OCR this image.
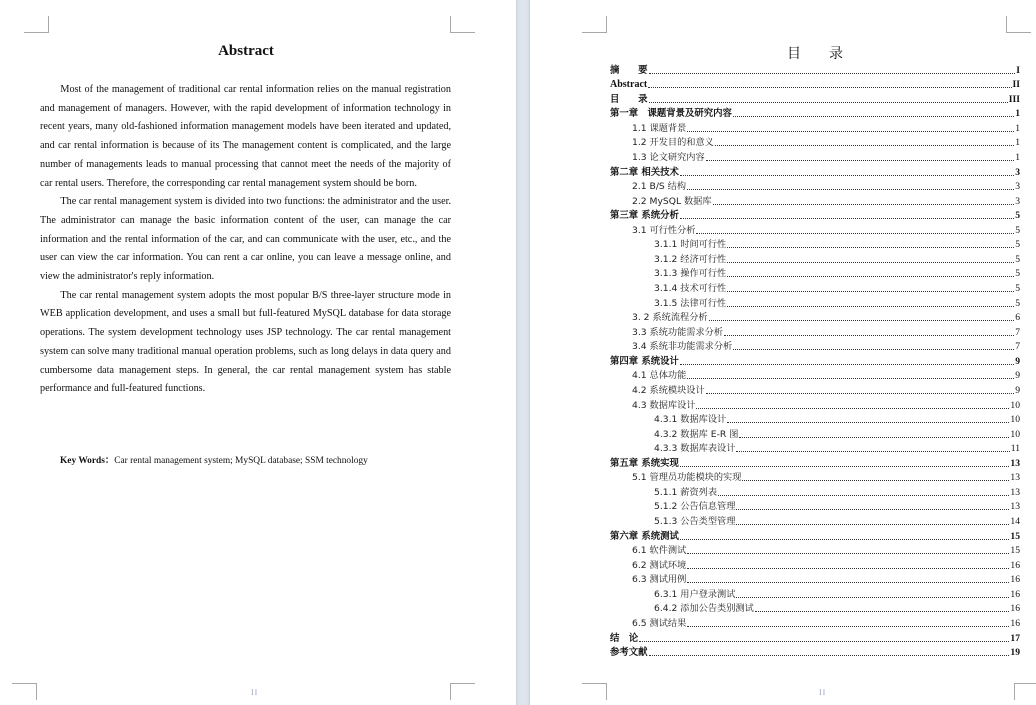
Abstract

Most of the management of traditional car rental information relies on the manual registration and management of managers. However, with the rapid development of information technology in recent years, many old-fashioned information management models have been iterated and updated, and car rental information is because of its The management content is complicated, and the large number of managements leads to manual processing that cannot meet the needs of the majority of car rental users. Therefore, the corresponding car rental management system should be born.

The car rental management system is divided into two functions: the administrator and the user. The administrator can manage the basic information content of the user, can manage the car information and the rental information of the car, and can communicate with the user, etc., and the user can view the car information. You can rent a car online, you can leave a message online, and view the administrator's reply information.

The car rental management system adopts the most popular B/S three-layer structure mode in WEB application development, and uses a small but full-featured MySQL database for data storage operations. The system development technology uses JSP technology. The car rental management system can solve many traditional manual operation problems, such as long delays in data query and cumbersome data management steps. In general, the car rental management system has stable performance and full-featured functions.

Key Words：Car rental management system; MySQL database; SSM technology
II
目　　录
摘　　要	I
Abstract	II
目　　录	III
第一章　课题背景及研究内容	1
1.1 课题背景	1
1.2 开发目的和意义	1
1.3 论文研究内容	1
第二章 相关技术	3
2.1 B/S 结构	3
2.2 MySQL 数据库	3
第三章 系统分析	5
3.1 可行性分析	5
3.1.1 时间可行性	5
3.1.2 经济可行性	5
3.1.3 操作可行性	5
3.1.4 技术可行性	5
3.1.5 法律可行性	5
3. 2 系统流程分析	6
3.3 系统功能需求分析	7
3.4 系统非功能需求分析	7
第四章 系统设计	9
4.1 总体功能	9
4.2 系统模块设计	9
4.3 数据库设计	10
4.3.1 数据库设计	10
4.3.2 数据库 E-R 图	10
4.3.3 数据库表设计	11
第五章 系统实现	13
5.1 管理员功能模块的实现	13
5.1.1 薪资列表	13
5.1.2 公告信息管理	13
5.1.3 公告类型管理	14
第六章 系统测试	15
6.1 软件测试	15
6.2 测试环境	16
6.3 测试用例	16
6.3.1 用户登录测试	16
6.4.2 添加公告类别测试	16
6.5 测试结果	16
结　论	17
参考文献	19
II
